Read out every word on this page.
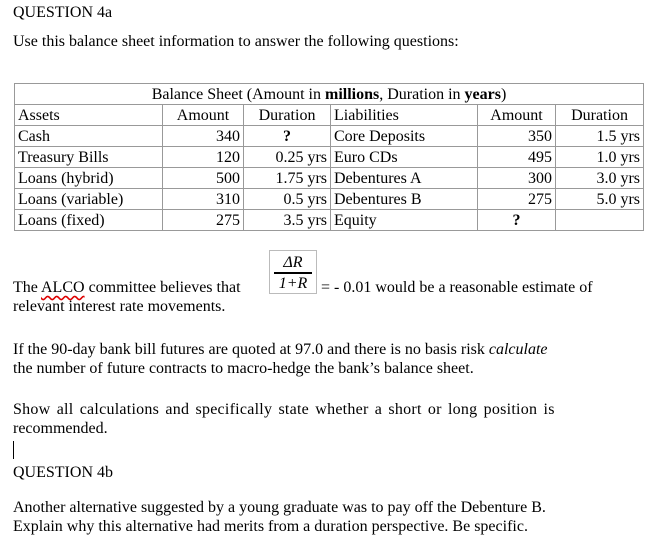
QUESTION 4a
Use this balance sheet information to answer the following questions:
Balance Sheet (Amount in millions, Duration in years)					
Assets	Amount	Duration	Liabilities	Amount	Duration
Cash	340	?	Core Deposits	350	1.5 yrs
Treasury Bills	120	0.25 yrs	Euro CDs	495	1.0 yrs
Loans (hybrid)	500	1.75 yrs	Debentures A	300	3.0 yrs
Loans (variable)	310	0.5 yrs	Debentures B	275	5.0 yrs
Loans (fixed)	275	3.5 yrs	Equity	?	
The ALCO committee believes that $\frac{\Delta R}{1+R}$ = - 0.01 would be a reasonable estimate of
relevant interest rate movements.
If the 90-day bank bill futures are quoted at 97.0 and there is no basis risk calculate
the number of future contracts to macro-hedge the bank’s balance sheet.
Show all calculations and specifically state whether a short or long position is
recommended.
QUESTION 4b
Another alternative suggested by a young graduate was to pay off the Debenture B.
Explain why this alternative had merits from a duration perspective. Be specific.
